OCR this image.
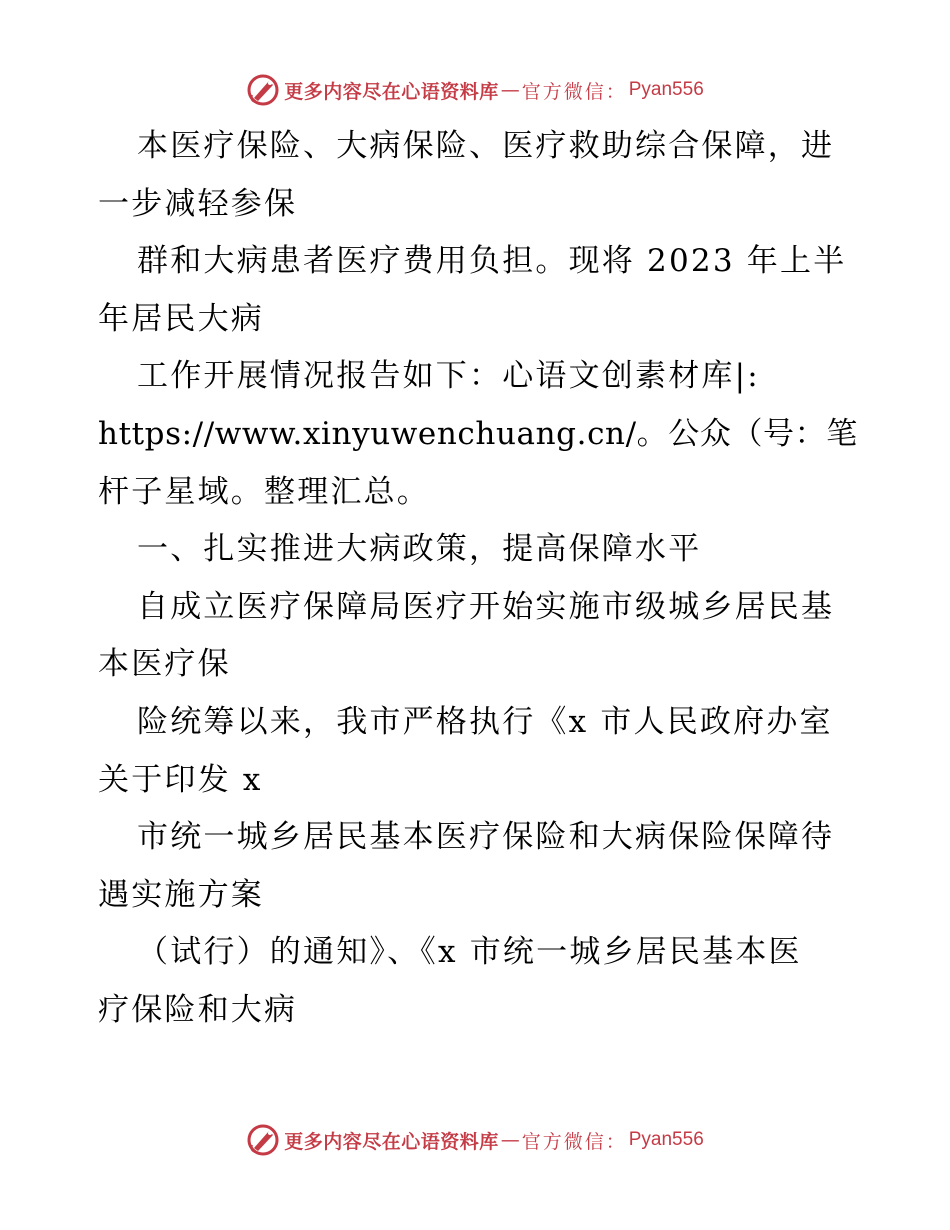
更多内容尽在心语资料库 — 官方微信： Pyan556
本医疗保险、大病保险、医疗救助综合保障，进
一步减轻参保
群和大病患者医疗费用负担。现将 2023 年上半
年居民大病
工作开展情况报告如下：心语文创素材库|:
https://www.xinyuwenchuang.cn/。公众（号：笔
杆子星域。整理汇总。
一、扎实推进大病政策，提高保障水平
自成立医疗保障局医疗开始实施市级城乡居民基
本医疗保
险统筹以来，我市严格执行《x 市人民政府办室
关于印发 x
市统一城乡居民基本医疗保险和大病保险保障待
遇实施方案
（试行）的通知》、《x 市统一城乡居民基本医
疗保险和大病
更多内容尽在心语资料库 — 官方微信： Pyan556
